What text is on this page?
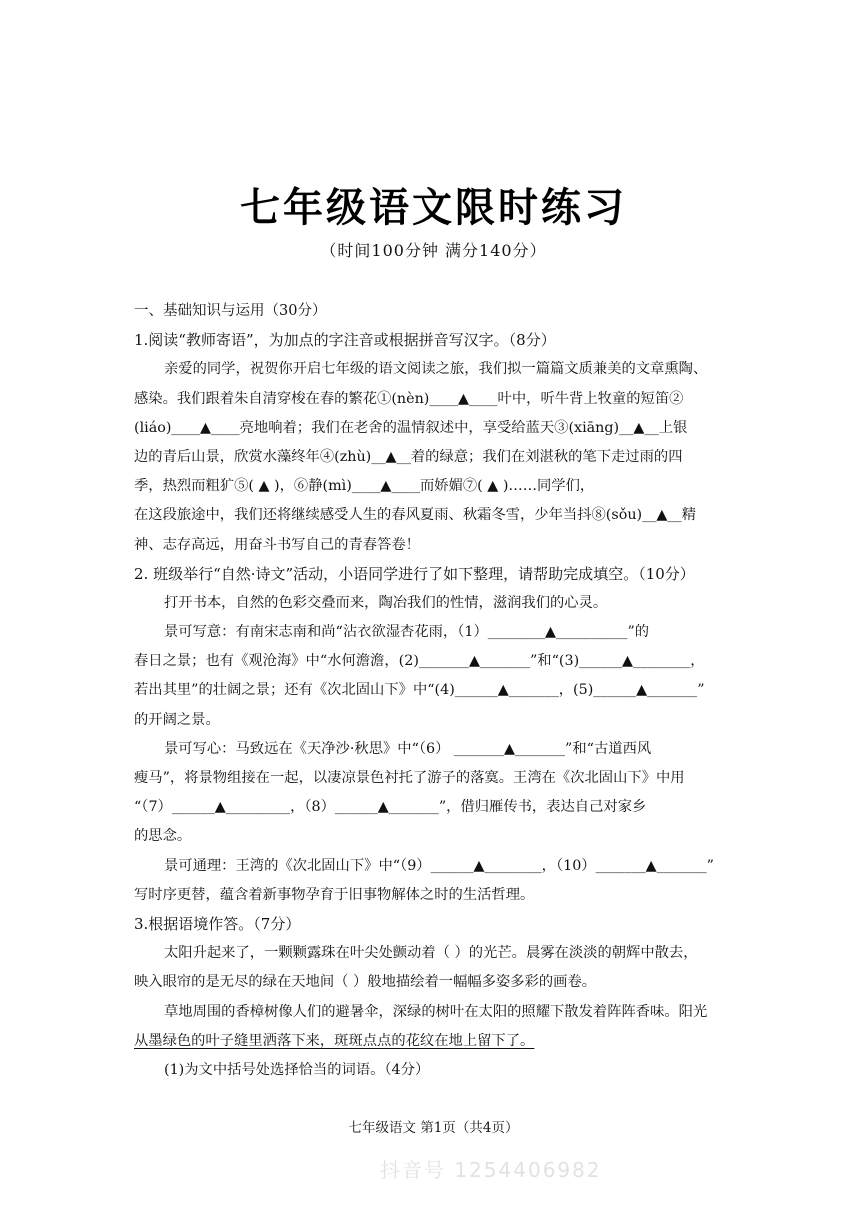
七年级语文限时练习
（时间100分钟 满分140分）
一、基础知识与运用（30分）
1.阅读“教师寄语”，为加点的字注音或根据拼音写汉字。（8分）
亲爱的同学，祝贺你开启七年级的语文阅读之旅，我们拟一篇篇文质兼美的文章熏陶、
感染。我们跟着朱自清穿梭在春的繁花①(nèn)____▲____叶中，听牛背上牧童的短笛②
(liáo)____▲____亮地响着；我们在老舍的温情叙述中，享受给蓝天③(xiāng)__▲__上银
边的青后山景，欣赏水藻终年④(zhù)__▲__着的绿意；我们在刘湛秋的笔下走过雨的四
季，热烈而粗犷⑤( ▲ )，⑥静(mì)____▲____而娇媚⑦( ▲ )……同学们，
在这段旅途中，我们还将继续感受人生的春风夏雨、秋霜冬雪，少年当抖⑧(sǒu)__▲__精
神、志存高远，用奋斗书写自己的青春答卷！
2. 班级举行“自然·诗文”活动，小语同学进行了如下整理，请帮助完成填空。（10分）
打开书本，自然的色彩交叠而来，陶冶我们的性情，滋润我们的心灵。
景可写意：有南宋志南和尚“沾衣欲湿杏花雨，（1）________▲__________”的
春日之景；也有《观沧海》中“水何澹澹，(2)_______▲_______”和“(3)______▲________，
若出其里”的壮阔之景；还有《次北固山下》中“(4)______▲_______，(5)______▲_______”
的开阔之景。
景可写心：马致远在《天净沙·秋思》中“（6） _______▲_______”和“古道西风
瘦马”，将景物组接在一起，以凄凉景色衬托了游子的落寞。王湾在《次北固山下》中用
“（7）______▲_________，（8）______▲_______”，借归雁传书，表达自己对家乡
的思念。
景可通理：王湾的《次北固山下》中“（9）______▲________，（10）_______▲_______”
写时序更替，蕴含着新事物孕育于旧事物解体之时的生活哲理。
3.根据语境作答。（7分）
太阳升起来了，一颗颗露珠在叶尖处颤动着（ ）的光芒。晨雾在淡淡的朝辉中散去，
映入眼帘的是无尽的绿在天地间（ ）般地描绘着一幅幅多姿多彩的画卷。
草地周围的香樟树像人们的避暑伞，深绿的树叶在太阳的照耀下散发着阵阵香味。阳光
从墨绿色的叶子缝里洒落下来，斑斑点点的花纹在地上留下了。
(1)为文中括号处选择恰当的词语。（4分）
七年级语文 第1页（共4页）
抖音号 1254406982
